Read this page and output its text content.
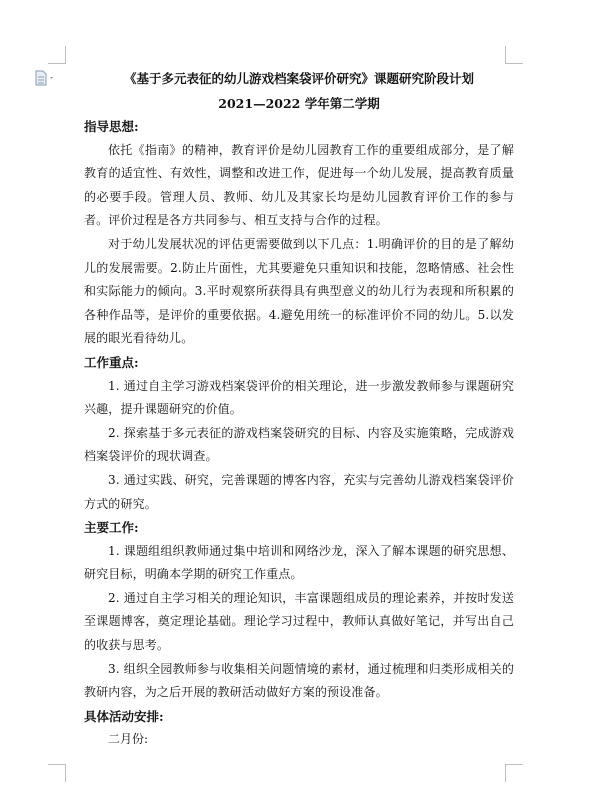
《基于多元表征的幼儿游戏档案袋评价研究》课题研究阶段计划

2021—2022 学年第二学期

指导思想:

依托《指南》的精神，教育评价是幼儿园教育工作的重要组成部分，是了解教育的适宜性、有效性，调整和改进工作，促进每一个幼儿发展，提高教育质量的必要手段。管理人员、教师、幼儿及其家长均是幼儿园教育评价工作的参与者。评价过程是各方共同参与、相互支持与合作的过程。

对于幼儿发展状况的评估更需要做到以下几点：1.明确评价的目的是了解幼儿的发展需要。2.防止片面性，尤其要避免只重知识和技能，忽略情感、社会性和实际能力的倾向。3.平时观察所获得具有典型意义的幼儿行为表现和所积累的各种作品等，是评价的重要依据。4.避免用统一的标准评价不同的幼儿。5.以发展的眼光看待幼儿。

工作重点:

1. 通过自主学习游戏档案袋评价的相关理论，进一步激发教师参与课题研究兴趣，提升课题研究的价值。

2. 探索基于多元表征的游戏档案袋研究的目标、内容及实施策略，完成游戏档案袋评价的现状调查。

3. 通过实践、研究，完善课题的博客内容，充实与完善幼儿游戏档案袋评价方式的研究。

主要工作:

1. 课题组组织教师通过集中培训和网络沙龙，深入了解本课题的研究思想、研究目标，明确本学期的研究工作重点。

2. 通过自主学习相关的理论知识，丰富课题组成员的理论素养，并按时发送至课题博客，奠定理论基础。理论学习过程中，教师认真做好笔记，并写出自己的收获与思考。

3. 组织全园教师参与收集相关问题情境的素材，通过梳理和归类形成相关的教研内容，为之后开展的教研活动做好方案的预设准备。

具体活动安排:

二月份:
